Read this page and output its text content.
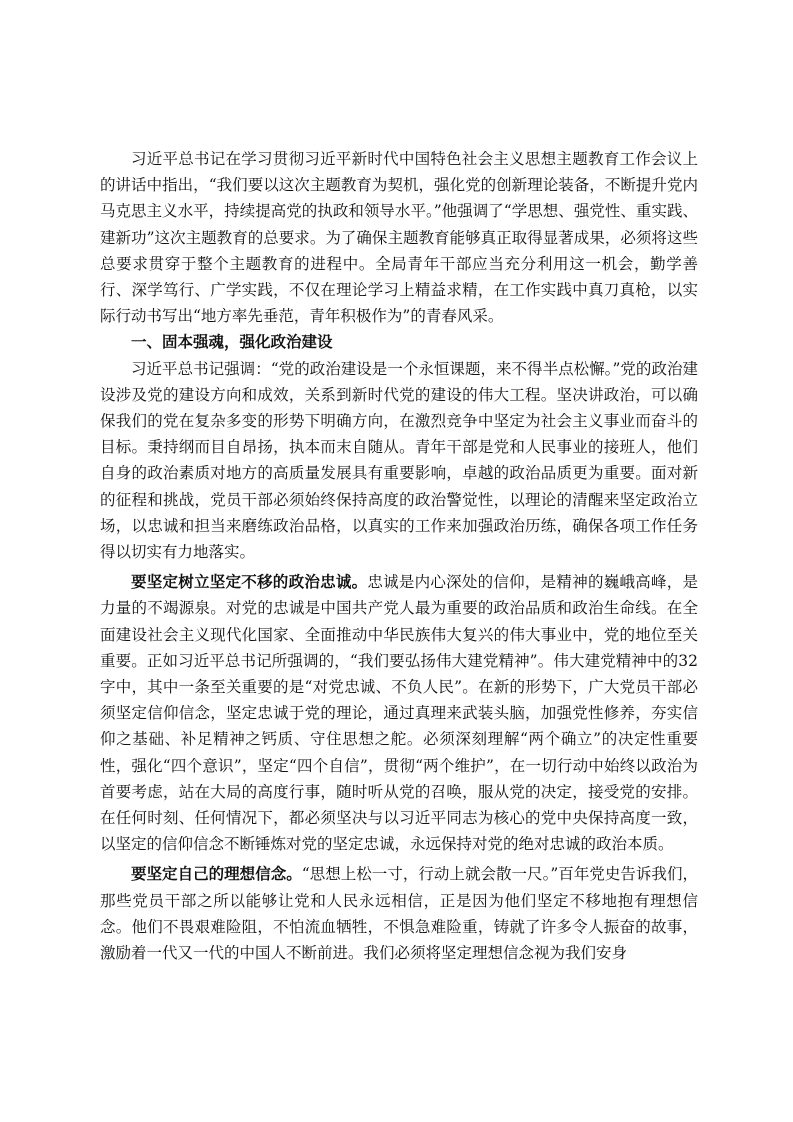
习近平总书记在学习贯彻习近平新时代中国特色社会主义思想主题教育工作会议上的讲话中指出，“我们要以这次主题教育为契机，强化党的创新理论装备，不断提升党内马克思主义水平，持续提高党的执政和领导水平。”他强调了“学思想、强党性、重实践、建新功”这次主题教育的总要求。为了确保主题教育能够真正取得显著成果，必须将这些总要求贯穿于整个主题教育的进程中。全局青年干部应当充分利用这一机会，勤学善行、深学笃行、广学实践，不仅在理论学习上精益求精，在工作实践中真刀真枪，以实际行动书写出“地方率先垂范，青年积极作为”的青春风采。

一、固本强魂，强化政治建设

习近平总书记强调：“党的政治建设是一个永恒课题，来不得半点松懈。”党的政治建设涉及党的建设方向和成效，关系到新时代党的建设的伟大工程。坚决讲政治，可以确保我们的党在复杂多变的形势下明确方向，在激烈竞争中坚定为社会主义事业而奋斗的目标。秉持纲而目自昂扬，执本而末自随从。青年干部是党和人民事业的接班人，他们自身的政治素质对地方的高质量发展具有重要影响，卓越的政治品质更为重要。面对新的征程和挑战，党员干部必须始终保持高度的政治警觉性，以理论的清醒来坚定政治立场，以忠诚和担当来磨练政治品格，以真实的工作来加强政治历练，确保各项工作任务得以切实有力地落实。

要坚定树立坚定不移的政治忠诚。忠诚是内心深处的信仰，是精神的巍峨高峰，是力量的不竭源泉。对党的忠诚是中国共产党人最为重要的政治品质和政治生命线。在全面建设社会主义现代化国家、全面推动中华民族伟大复兴的伟大事业中，党的地位至关重要。正如习近平总书记所强调的，“我们要弘扬伟大建党精神”。伟大建党精神中的32字中，其中一条至关重要的是“对党忠诚、不负人民”。在新的形势下，广大党员干部必须坚定信仰信念，坚定忠诚于党的理论，通过真理来武装头脑，加强党性修养，夯实信仰之基础、补足精神之钙质、守住思想之舵。必须深刻理解“两个确立”的决定性重要性，强化“四个意识”，坚定“四个自信”，贯彻“两个维护”，在一切行动中始终以政治为首要考虑，站在大局的高度行事，随时听从党的召唤，服从党的决定，接受党的安排。在任何时刻、任何情况下，都必须坚决与以习近平同志为核心的党中央保持高度一致，以坚定的信仰信念不断锤炼对党的坚定忠诚，永远保持对党的绝对忠诚的政治本质。

要坚定自己的理想信念。“思想上松一寸，行动上就会散一尺。”百年党史告诉我们，那些党员干部之所以能够让党和人民永远相信，正是因为他们坚定不移地抱有理想信念。他们不畏艰难险阻，不怕流血牺牲，不惧急难险重，铸就了许多令人振奋的故事，激励着一代又一代的中国人不断前进。我们必须将坚定理想信念视为我们安身
